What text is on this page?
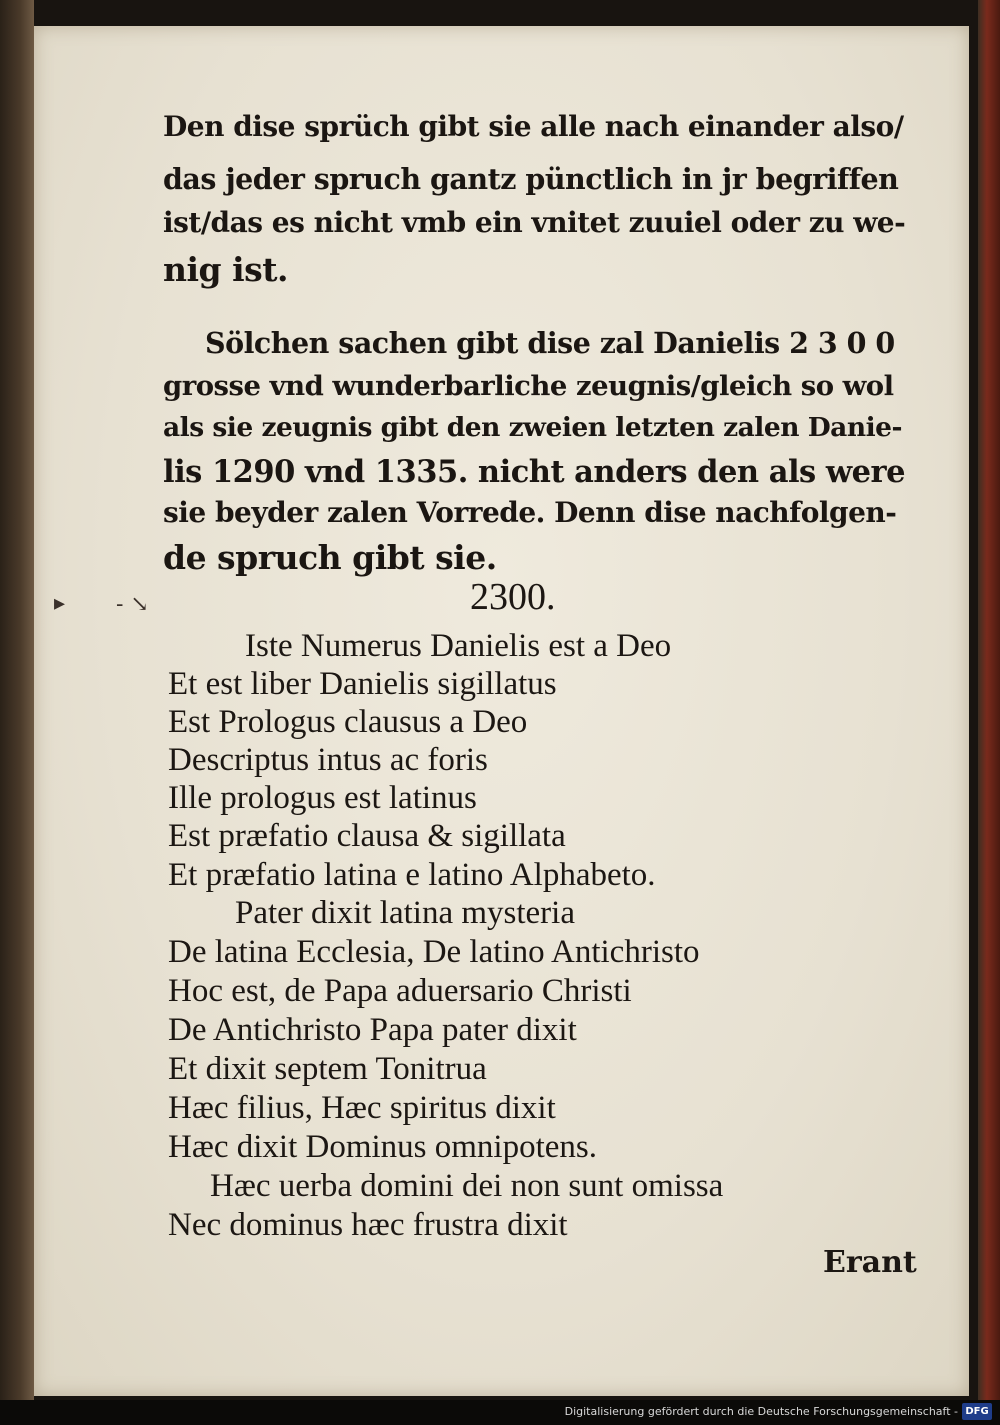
▸ - ↘
Den dise sprüch gibt sie alle nach einander also/
das jeder spruch gantz pünctlich in jr begriffen
ist/das es nicht vmb ein vnitet zuuiel oder zu we-
nig ist.
Sölchen sachen gibt dise zal Danielis 2 3 0 0
grosse vnd wunderbarliche zeugnis/gleich so wol
als sie zeugnis gibt den zweien letzten zalen Danie-
lis 1290 vnd 1335. nicht anders den als were
sie beyder zalen Vorrede. Denn dise nachfolgen-
de spruch gibt sie.
2300.
Iste Numerus Danielis est a Deo
Et est liber Danielis sigillatus
Est Prologus clausus a Deo
Descriptus intus ac foris
Ille prologus est latinus
Est præfatio clausa & sigillata
Et præfatio latina e latino Alphabeto.
Pater dixit latina mysteria
De latina Ecclesia, De latino Antichristo
Hoc est, de Papa aduersario Christi
De Antichristo Papa pater dixit
Et dixit septem Tonitrua
Hæc filius, Hæc spiritus dixit
Hæc dixit Dominus omnipotens.
Hæc uerba domini dei non sunt omissa
Nec dominus hæc frustra dixit
Erant
Digitalisierung gefördert durch die Deutsche Forschungsgemeinschaft - DFG
